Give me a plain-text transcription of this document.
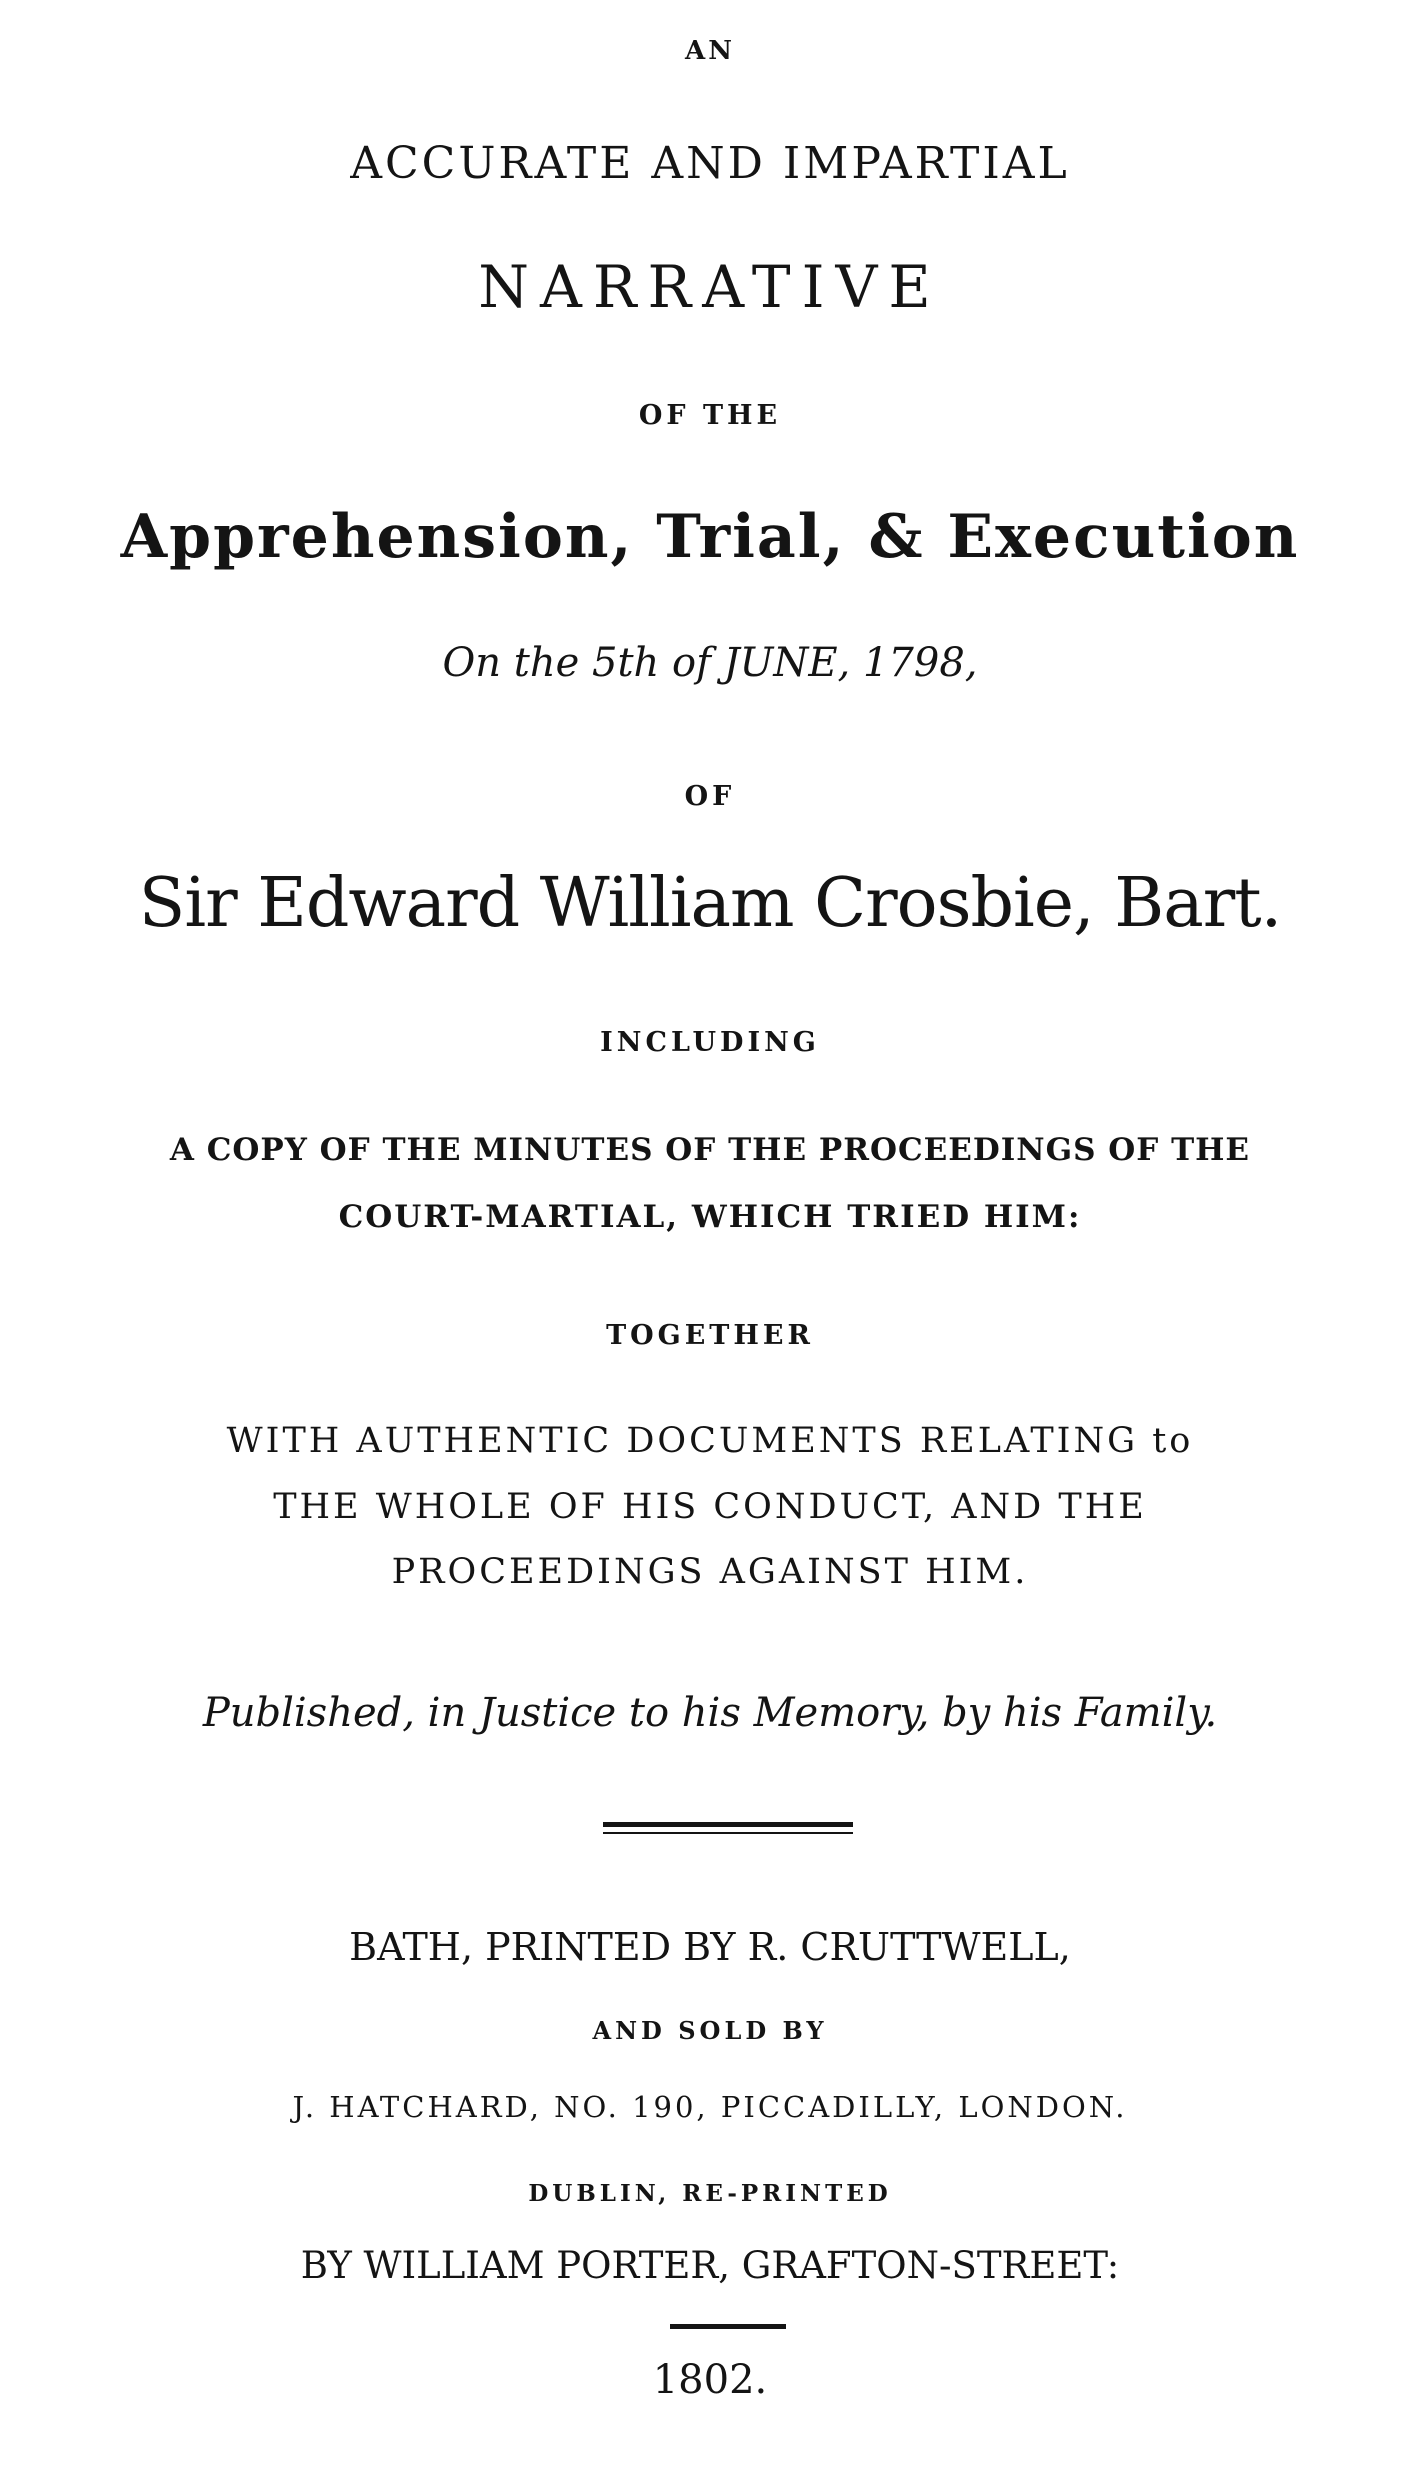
AN

ACCURATE AND IMPARTIAL

NARRATIVE

OF THE

Apprehension, Trial, & Execution

On the 5th of JUNE, 1798,

OF

Sir Edward William Crosbie, Bart.

INCLUDING

A COPY OF THE MINUTES OF THE PROCEEDINGS OF THE

COURT-MARTIAL, WHICH TRIED HIM:

TOGETHER

WITH AUTHENTIC DOCUMENTS RELATING to

THE WHOLE OF HIS CONDUCT, AND THE

PROCEEDINGS AGAINST HIM.

Published, in Justice to his Memory, by his Family.

BATH, PRINTED BY R. CRUTTWELL,

AND SOLD BY

J. HATCHARD, NO. 190, PICCADILLY, LONDON.

DUBLIN, RE-PRINTED

BY WILLIAM PORTER, GRAFTON-STREET:

1802.
